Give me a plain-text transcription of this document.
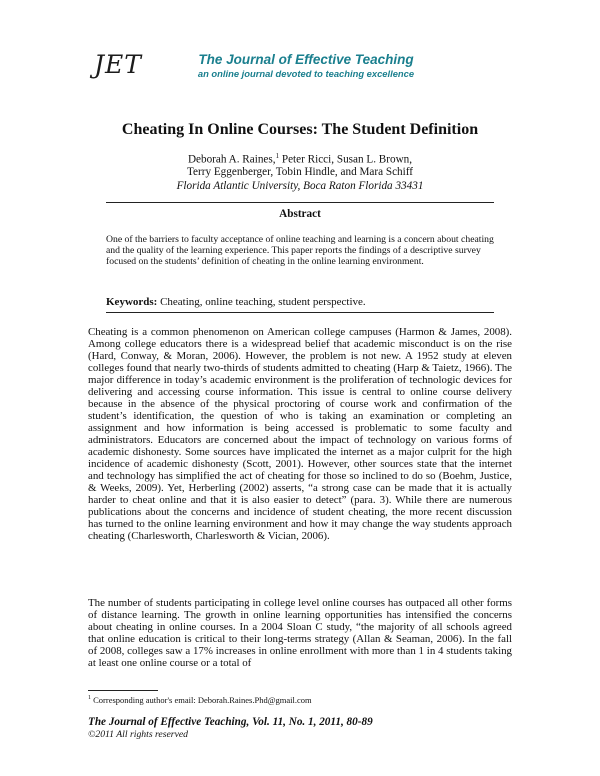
JET	The Journal of Effective Teaching
an online journal devoted to teaching excellence
Cheating In Online Courses: The Student Definition
Deborah A. Raines,$^1$ Peter Ricci, Susan L. Brown,
Terry Eggenberger, Tobin Hindle, and Mara Schiff
Florida Atlantic University, Boca Raton Florida 33431
Abstract
One of the barriers to faculty acceptance of online teaching and learning is a concern about cheating and the quality of the learning experience. This paper reports the findings of a descriptive survey focused on the students’ definition of cheating in the online learning environment.
Keywords: Cheating, online teaching, student perspective.
Cheating is a common phenomenon on American college campuses (Harmon & James, 2008). Among college educators there is a widespread belief that academic misconduct is on the rise (Hard, Conway, & Moran, 2006). However, the problem is not new. A 1952 study at eleven colleges found that nearly two-thirds of students admitted to cheating (Harp & Taietz, 1966). The major difference in today’s academic environment is the proliferation of technologic devices for delivering and accessing course information. This issue is central to online course delivery because in the absence of the physical proctoring of course work and confirmation of the student’s identification, the question of who is taking an examination or completing an assignment and how information is being accessed is problematic to some faculty and administrators. Educators are concerned about the impact of technology on various forms of academic dishonesty. Some sources have implicated the internet as a major culprit for the high incidence of academic dishonesty (Scott, 2001). However, other sources state that the internet and technology has simplified the act of cheating for those so inclined to do so (Boehm, Justice, & Weeks, 2009). Yet, Herberling (2002) asserts, “a strong case can be made that it is actually harder to cheat online and that it is also easier to detect” (para. 3). While there are numerous publications about the concerns and incidence of student cheating, the more recent discussion has turned to the online learning environment and how it may change the way students approach cheating (Charlesworth, Charlesworth & Vician, 2006).
The number of students participating in college level online courses has outpaced all other forms of distance learning. The growth in online learning opportunities has intensified the concerns about cheating in online courses. In a 2004 Sloan C study, “the majority of all schools agreed that online education is critical to their long-terms strategy (Allan & Seaman, 2006). In the fall of 2008, colleges saw a 17% increases in online enrollment with more than 1 in 4 students taking at least one online course or a total of
$^1$ Corresponding author's email: Deborah.Raines.Phd@gmail.com
The Journal of Effective Teaching, Vol. 11, No. 1, 2011, 80-89
©2011 All rights reserved
